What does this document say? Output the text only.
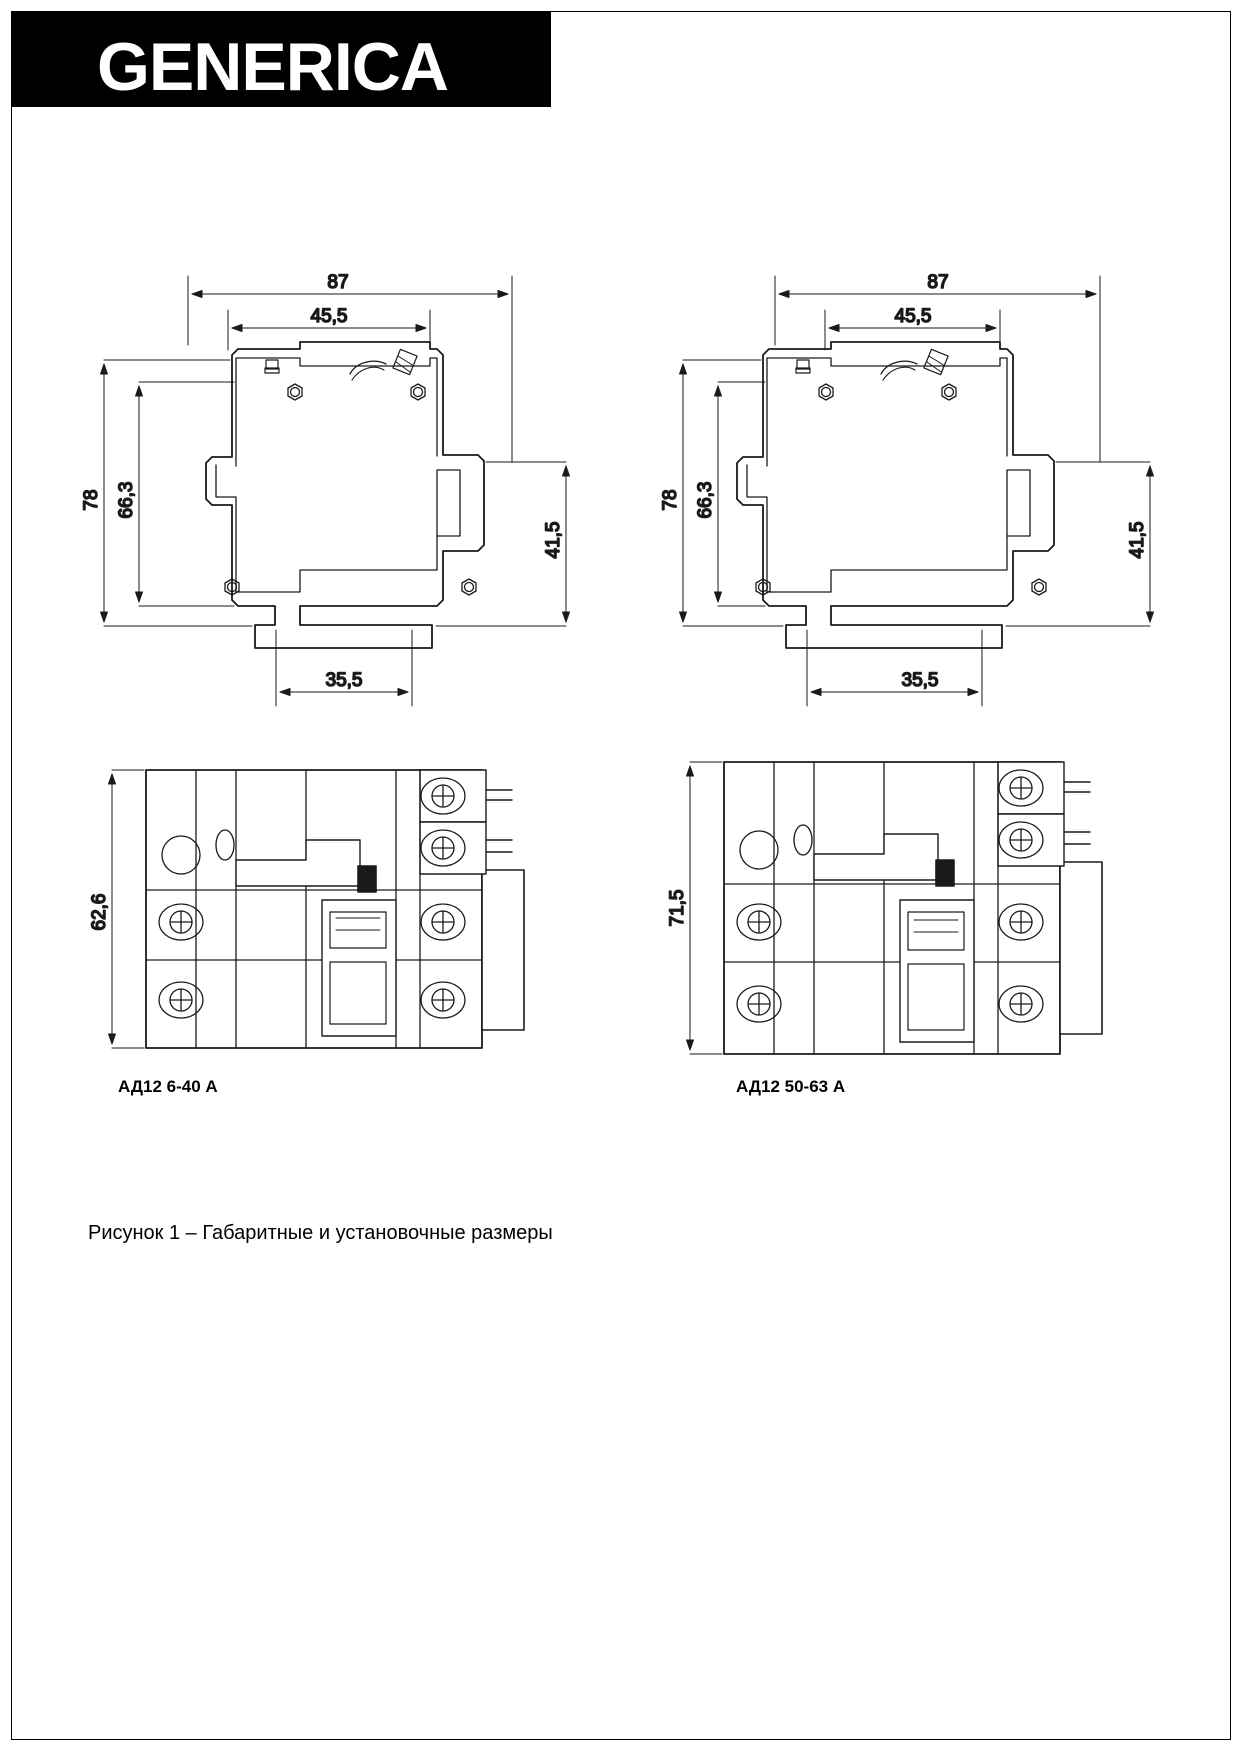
GENERICA
87
45,5
78 66,3
41,5
35,5
87
45,5
78 66,3
41,5
35,5
62,6	71,5
АД12 6-40 А	АД12 50-63 А
Рисунок 1 – Габаритные и установочные размеры
